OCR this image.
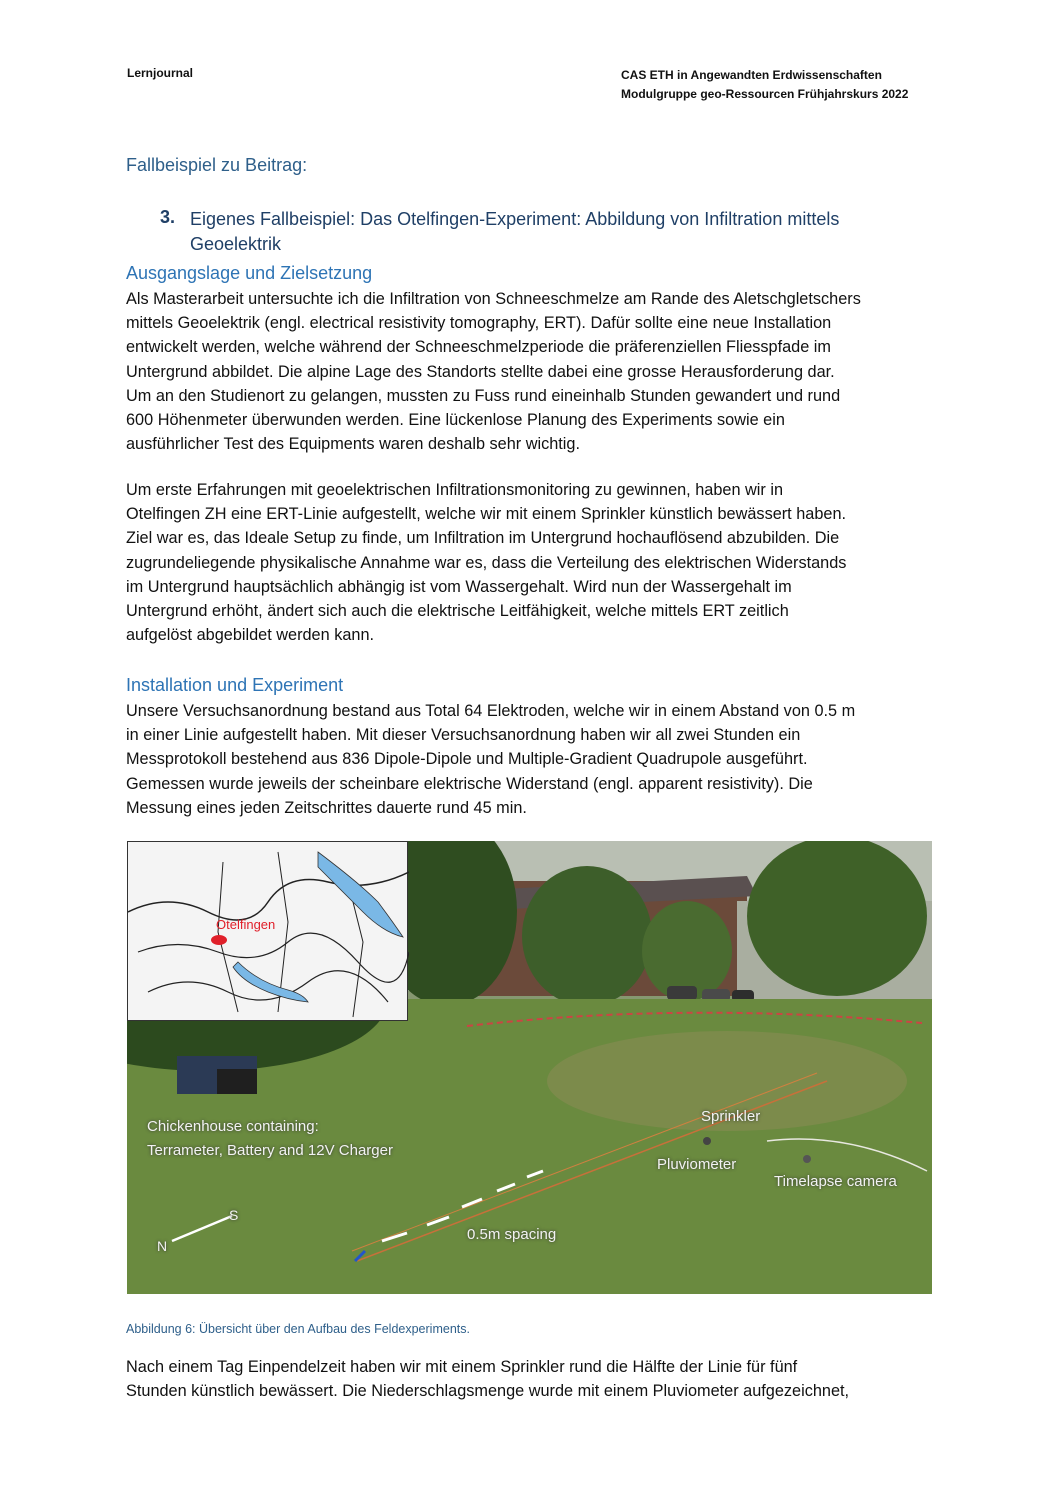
Lernjournal	CAS ETH in Angewandten Erdwissenschaften
Modulgruppe geo-Ressourcen Frühjahrskurs 2022
Fallbeispiel zu Beitrag:
3. Eigenes Fallbeispiel: Das Otelfingen-Experiment: Abbildung von Infiltration mittels Geoelektrik
Ausgangslage und Zielsetzung
Als Masterarbeit untersuchte ich die Infiltration von Schneeschmelze am Rande des Aletschgletschers
mittels Geoelektrik (engl. electrical resistivity tomography, ERT). Dafür sollte eine neue Installation
entwickelt werden, welche während der Schneeschmelzperiode die präferenziellen Fliesspfade im
Untergrund abbildet. Die alpine Lage des Standorts stellte dabei eine grosse Herausforderung dar.
Um an den Studienort zu gelangen, mussten zu Fuss rund eineinhalb Stunden gewandert und rund
600 Höhenmeter überwunden werden. Eine lückenlose Planung des Experiments sowie ein
ausführlicher Test des Equipments waren deshalb sehr wichtig.
Um erste Erfahrungen mit geoelektrischen Infiltrationsmonitoring zu gewinnen, haben wir in
Otelfingen ZH eine ERT-Linie aufgestellt, welche wir mit einem Sprinkler künstlich bewässert haben.
Ziel war es, das Ideale Setup zu finde, um Infiltration im Untergrund hochauflösend abzubilden. Die
zugrundeliegende physikalische Annahme war es, dass die Verteilung des elektrischen Widerstands
im Untergrund hauptsächlich abhängig ist vom Wassergehalt. Wird nun der Wassergehalt im
Untergrund erhöht, ändert sich auch die elektrische Leitfähigkeit, welche mittels ERT zeitlich
aufgelöst abgebildet werden kann.
Installation und Experiment
Unsere Versuchsanordnung bestand aus Total 64 Elektroden, welche wir in einem Abstand von 0.5 m
in einer Linie aufgestellt haben. Mit dieser Versuchsanordnung haben wir all zwei Stunden ein
Messprotokoll bestehend aus 836 Dipole-Dipole und Multiple-Gradient Quadrupole ausgeführt.
Gemessen wurde jeweils der scheinbare elektrische Widerstand (engl. apparent resistivity). Die
Messung eines jeden Zeitschrittes dauerte rund 45 min.
Otelfingen
Chickenhouse containing:
Terrameter, Battery and 12V Charger
Sprinkler
Pluviometer
Timelapse camera
0.5m spacing
N
S
Abbildung 6: Übersicht über den Aufbau des Feldexperiments.
Nach einem Tag Einpendelzeit haben wir mit einem Sprinkler rund die Hälfte der Linie für fünf
Stunden künstlich bewässert. Die Niederschlagsmenge wurde mit einem Pluviometer aufgezeichnet,
